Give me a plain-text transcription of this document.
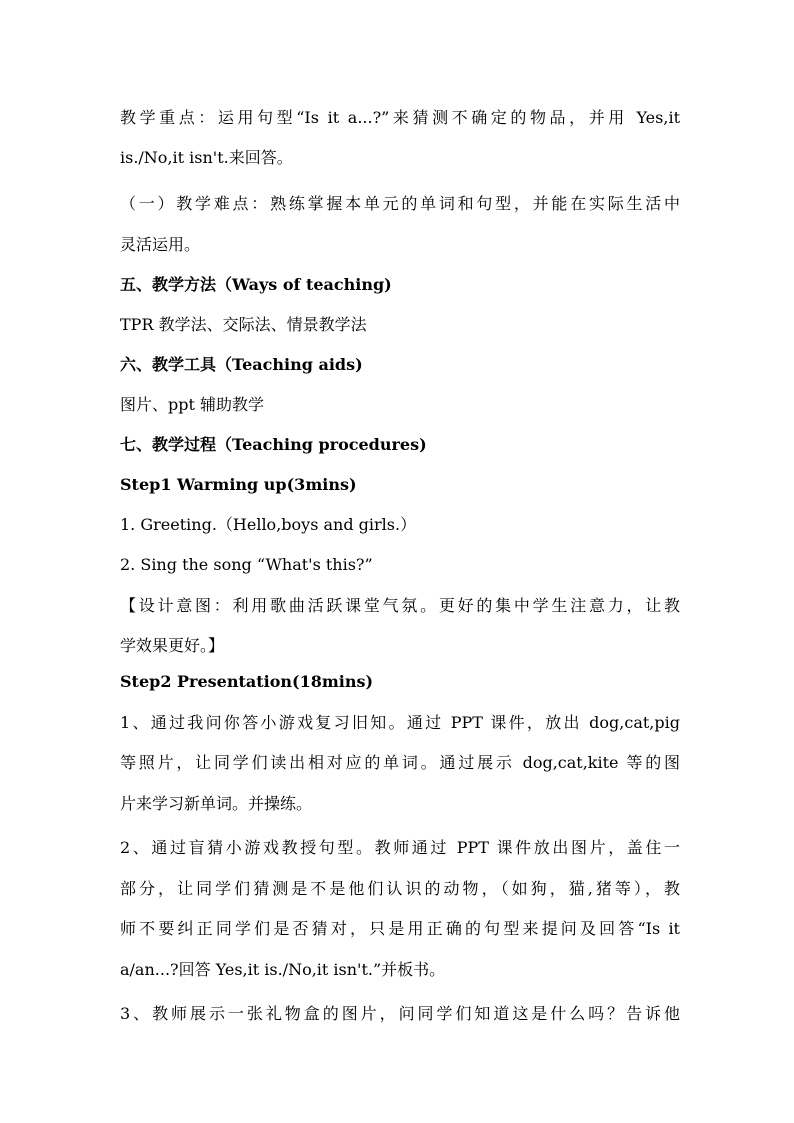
教学重点：运用句型“Is it a...?”来猜测不确定的物品，并用 Yes,it
is./No,it isn't.来回答。
（一）教学难点：熟练掌握本单元的单词和句型，并能在实际生活中
灵活运用。
五、教学方法（Ways of teaching)
TPR 教学法、交际法、情景教学法
六、教学工具（Teaching aids)
图片、ppt 辅助教学
七、教学过程（Teaching procedures)
Step1 Warming up(3mins)
1. Greeting.（Hello,boys and girls.）
2. Sing the song “What's this?”
【设计意图：利用歌曲活跃课堂气氛。更好的集中学生注意力，让教
学效果更好。】
Step2 Presentation(18mins)
1、通过我问你答小游戏复习旧知。通过 PPT 课件，放出 dog,cat,pig
等照片，让同学们读出相对应的单词。通过展示 dog,cat,kite 等的图
片来学习新单词。并操练。
2、通过盲猜小游戏教授句型。教师通过 PPT 课件放出图片，盖住一
部分，让同学们猜测是不是他们认识的动物，（如狗，猫,猪等），教
师不要纠正同学们是否猜对，只是用正确的句型来提问及回答“Is it
a/an...?回答 Yes,it is./No,it isn't.”并板书。
3、教师展示一张礼物盒的图片，问同学们知道这是什么吗？告诉他
